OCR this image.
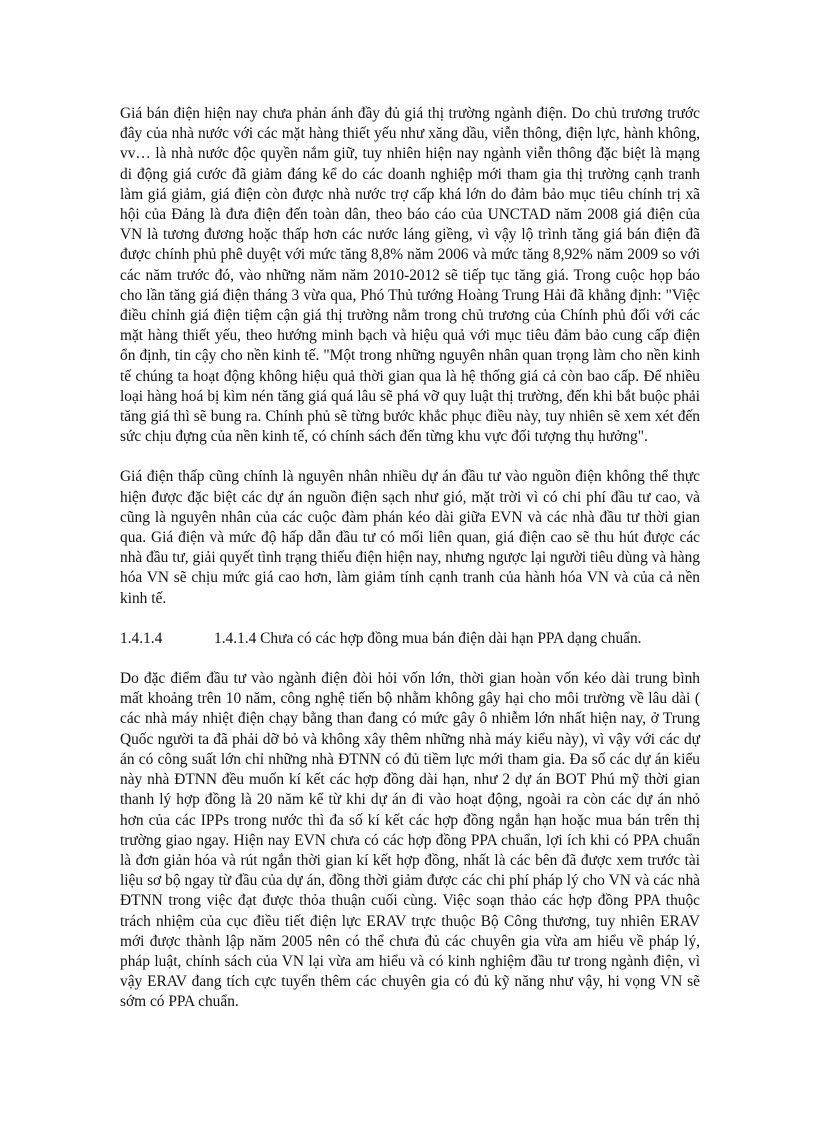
Giá bán điện hiện nay chưa phản ánh đầy đủ giá thị trường ngành điện. Do chủ trương trước đây của nhà nước với các mặt hàng thiết yếu như xăng dầu, viễn thông, điện lực, hành không, vv… là nhà nước độc quyền nắm giữ, tuy nhiên hiện nay ngành viễn thông đặc biệt là mạng di động giá cước đã giảm đáng kể do các doanh nghiệp mới tham gia thị trường cạnh tranh làm giá giảm, giá điện còn được nhà nước trợ cấp khá lớn do đảm bảo mục tiêu chính trị xã hội của Đảng là đưa điện đến toàn dân, theo báo cáo của UNCTAD năm 2008 giá điện của VN là tương đương hoặc thấp hơn các nước láng giềng, vì vậy lộ trình tăng giá bán điện đã được chính phủ phê duyệt với mức tăng 8,8% năm 2006 và mức tăng 8,92% năm 2009 so với các năm trước đó, vào những năm năm 2010-2012 sẽ tiếp tục tăng giá. Trong cuộc họp báo cho lần tăng giá điện tháng 3 vừa qua, Phó Thủ tướng Hoàng Trung Hải đã khẳng định: "Việc điều chỉnh giá điện tiệm cận giá thị trường nằm trong chủ trương của Chính phủ đối với các mặt hàng thiết yếu, theo hướng minh bạch và hiệu quả với mục tiêu đảm bảo cung cấp điện ổn định, tin cậy cho nền kinh tế. "Một trong những nguyên nhân quan trọng làm cho nền kinh tế chúng ta hoạt động không hiệu quả thời gian qua là hệ thống giá cả còn bao cấp. Để nhiều loại hàng hoá bị kìm nén tăng giá quá lâu sẽ phá vỡ quy luật thị trường, đến khi bắt buộc phải tăng giá thì sẽ bung ra. Chính phủ sẽ từng bước khắc phục điều này, tuy nhiên sẽ xem xét đến sức chịu đựng của nền kinh tế, có chính sách đến từng khu vực đối tượng thụ hưởng".

Giá điện thấp cũng chính là nguyên nhân nhiều dự án đầu tư vào nguồn điện không thể thực hiện được đặc biệt các dự án nguồn điện sạch như gió, mặt trời vì có chi phí đầu tư cao, và cũng là nguyên nhân của các cuộc đàm phán kéo dài giữa EVN và các nhà đầu tư thời gian qua. Giá điện và mức độ hấp dẫn đầu tư có mối liên quan, giá điện cao sẽ thu hút được các nhà đầu tư, giải quyết tình trạng thiếu điện hiện nay, nhưng ngược lại người tiêu dùng và hàng hóa VN sẽ chịu mức giá cao hơn, làm giảm tính cạnh tranh của hành hóa VN và của cả nền kinh tế.

1.4.1.4	1.4.1.4 Chưa có các hợp đồng mua bán điện dài hạn PPA dạng chuẩn.

Do đặc điểm đầu tư vào ngành điện đòi hỏi vốn lớn, thời gian hoàn vốn kéo dài trung bình mất khoảng trên 10 năm, công nghệ tiến bộ nhằm không gây hại cho môi trường về lâu dài ( các nhà máy nhiệt điện chạy bằng than đang có mức gây ô nhiễm lớn nhất hiện nay, ở Trung Quốc người ta đã phải dỡ bỏ và không xây thêm những nhà máy kiểu này), vì vậy với các dự án có công suất lớn chỉ những nhà ĐTNN có đủ tiềm lực mới tham gia. Đa số các dự án kiểu này nhà ĐTNN đều muốn kí kết các hợp đồng dài hạn, như 2 dự án BOT Phú mỹ thời gian thanh lý hợp đồng là 20 năm kể từ khi dự án đi vào hoạt động, ngoài ra còn các dự án nhỏ hơn của các IPPs trong nước thì đa số kí kết các hợp đồng ngắn hạn hoặc mua bán trên thị trường giao ngay. Hiện nay EVN chưa có các hợp đồng PPA chuẩn, lợi ích khi có PPA chuẩn là đơn giản hóa và rút ngắn thời gian kí kết hợp đồng, nhất là các bên đã được xem trước tài liệu sơ bộ ngay từ đầu của dự án, đồng thời giảm được các chi phí pháp lý cho VN và các nhà ĐTNN trong việc đạt được thỏa thuận cuối cùng. Việc soạn thảo các hợp đồng PPA thuộc trách nhiệm của cục điều tiết điện lực ERAV trực thuộc Bộ Công thương, tuy nhiên ERAV mới được thành lập năm 2005 nên có thể chưa đủ các chuyên gia vừa am hiểu về pháp lý, pháp luật, chính sách của VN lại vừa am hiểu và có kinh nghiệm đầu tư trong ngành điện, vì vậy ERAV đang tích cực tuyển thêm các chuyên gia có đủ kỹ năng như vậy, hi vọng VN sẽ sớm có PPA chuẩn.
